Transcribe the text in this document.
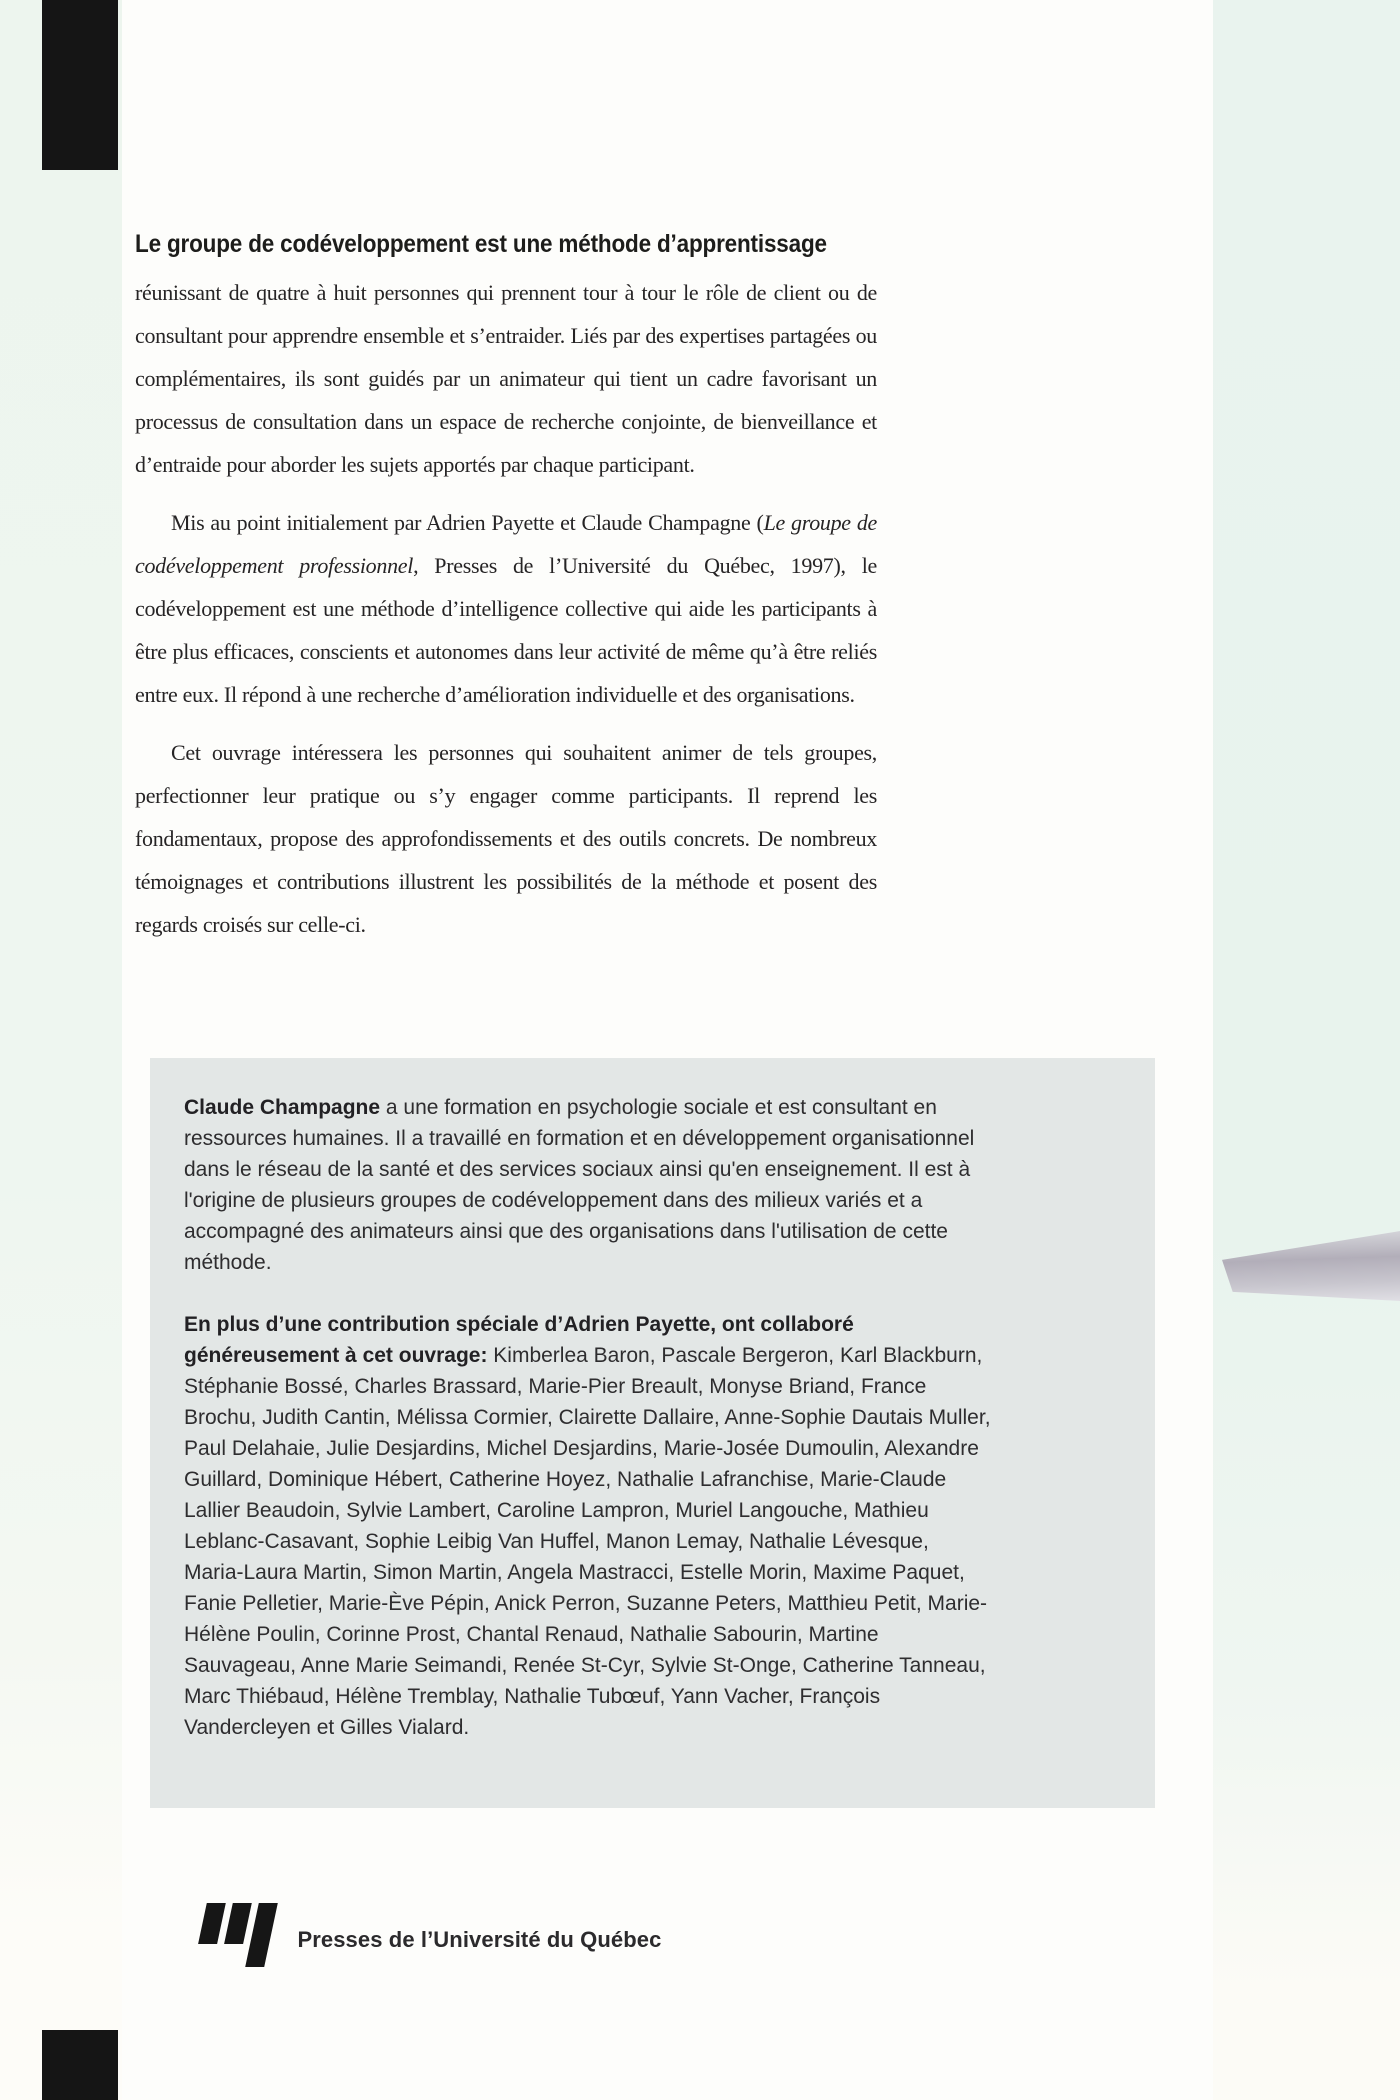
Le groupe de codéveloppement est une méthode d’apprentissage

réunissant de quatre à huit personnes qui prennent tour à tour le rôle de client ou de consultant pour apprendre ensemble et s’entraider. Liés par des expertises partagées ou complémentaires, ils sont guidés par un animateur qui tient un cadre favorisant un processus de consultation dans un espace de recherche conjointe, de bienveillance et d’entraide pour aborder les sujets apportés par chaque participant.

Mis au point initialement par Adrien Payette et Claude Champagne (Le groupe de codéveloppement professionnel, Presses de l’Université du Québec, 1997), le codéveloppement est une méthode d’intelligence collective qui aide les participants à être plus efficaces, conscients et autonomes dans leur activité de même qu’à être reliés entre eux. Il répond à une recherche d’amélioration individuelle et des organisations.

Cet ouvrage intéressera les personnes qui souhaitent animer de tels groupes, perfectionner leur pratique ou s’y engager comme participants. Il reprend les fondamentaux, propose des approfondissements et des outils concrets. De nombreux témoignages et contributions illustrent les possibilités de la méthode et posent des regards croisés sur celle-ci.

Claude Champagne a une formation en psychologie sociale et est consultant en ressources humaines. Il a travaillé en formation et en développement organisationnel dans le réseau de la santé et des services sociaux ainsi qu'en enseignement. Il est à l'origine de plusieurs groupes de codéveloppement dans des milieux variés et a accompagné des animateurs ainsi que des organisations dans l'utilisation de cette méthode.

En plus d’une contribution spéciale d’Adrien Payette, ont collaboré généreusement à cet ouvrage: Kimberlea Baron, Pascale Bergeron, Karl Blackburn, Stéphanie Bossé, Charles Brassard, Marie-Pier Breault, Monyse Briand, France Brochu, Judith Cantin, Mélissa Cormier, Clairette Dallaire, Anne-Sophie Dautais Muller, Paul Delahaie, Julie Desjardins, Michel Desjardins, Marie-Josée Dumoulin, Alexandre Guillard, Dominique Hébert, Catherine Hoyez, Nathalie Lafranchise, Marie-Claude Lallier Beaudoin, Sylvie Lambert, Caroline Lampron, Muriel Langouche, Mathieu Leblanc-Casavant, Sophie Leibig Van Huffel, Manon Lemay, Nathalie Lévesque, Maria-Laura Martin, Simon Martin, Angela Mastracci, Estelle Morin, Maxime Paquet, Fanie Pelletier, Marie-Ève Pépin, Anick Perron, Suzanne Peters, Matthieu Petit, Marie-Hélène Poulin, Corinne Prost, Chantal Renaud, Nathalie Sabourin, Martine Sauvageau, Anne Marie Seimandi, Renée St-Cyr, Sylvie St-Onge, Catherine Tanneau, Marc Thiébaud, Hélène Tremblay, Nathalie Tubœuf, Yann Vacher, François Vandercleyen et Gilles Vialard.

Presses de l’Université du Québec
